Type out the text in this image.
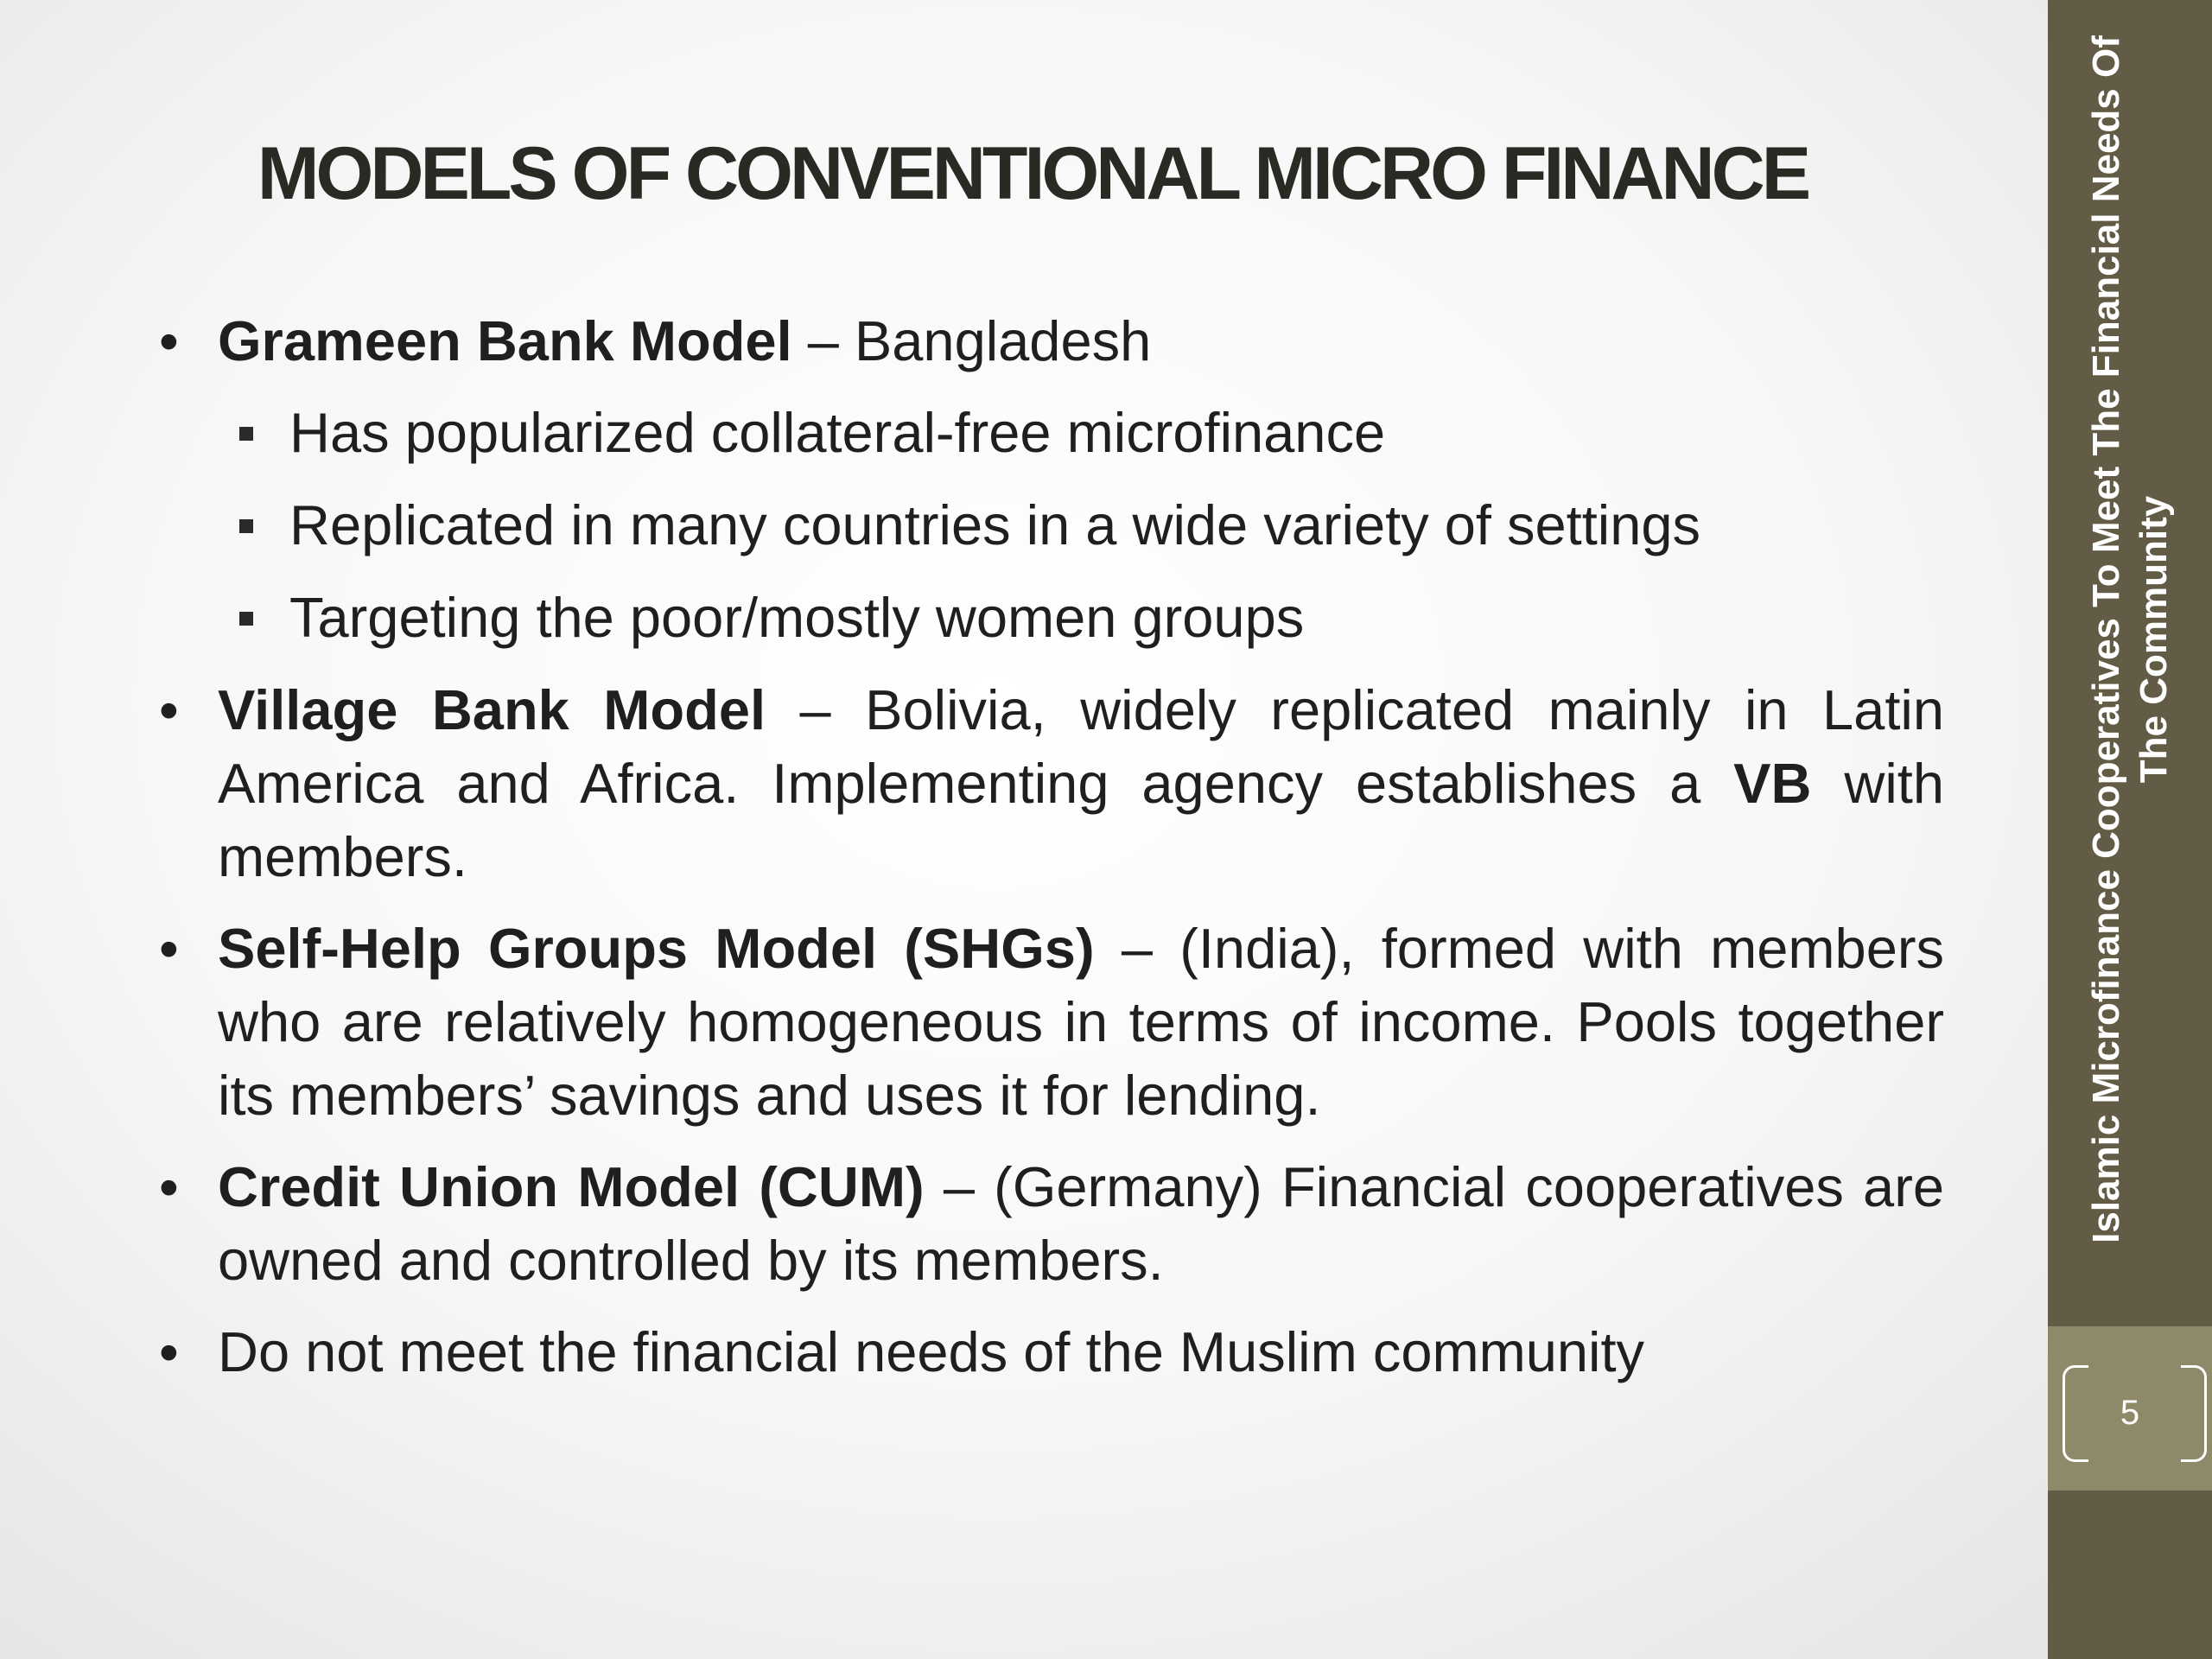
MODELS OF CONVENTIONAL MICRO FINANCE
• Grameen Bank Model – Bangladesh
Has popularized collateral-free microfinance
Replicated in many countries in a wide variety of settings
Targeting the poor/mostly women groups
• Village Bank Model – Bolivia, widely replicated mainly in Latin America and Africa. Implementing agency establishes a VB with members.
• Self-Help Groups Model (SHGs) – (India), formed with members who are relatively homogeneous in terms of income. Pools together its members’ savings and uses it for lending.
• Credit Union Model (CUM) – (Germany) Financial cooperatives are owned and controlled by its members.
• Do not meet the financial needs of the Muslim community
Islamic Microfinance Cooperatives To Meet The Financial Needs Of The Community
5
